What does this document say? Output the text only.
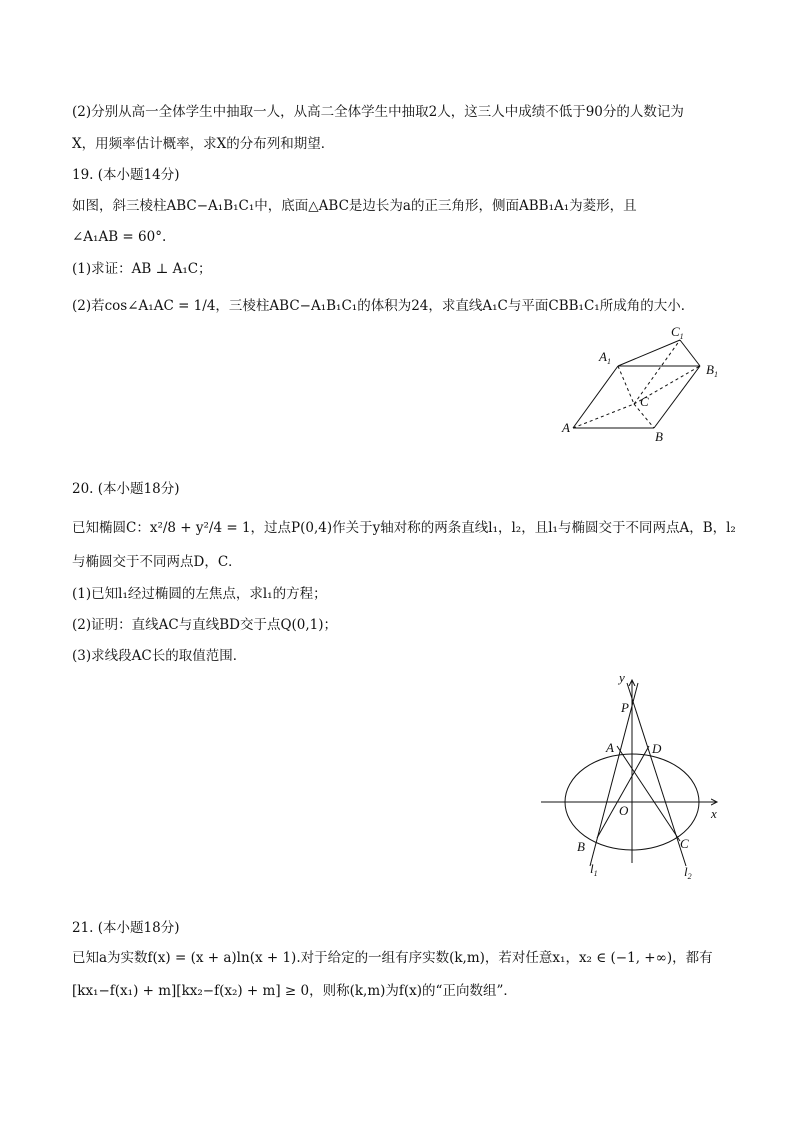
(2)分别从高一全体学生中抽取一人，从高二全体学生中抽取2人，这三人中成绩不低于90分的人数记为
X，用频率估计概率，求X的分布列和期望．
19. (本小题14分)
如图，斜三棱柱ABC−A₁B₁C₁中，底面△ABC是边长为a的正三角形，侧面ABB₁A₁为菱形，且
∠A₁AB = 60°.
(1)求证：AB ⊥ A₁C；
(2)若cos∠A₁AC = 1/4，三棱柱ABC−A₁B₁C₁的体积为24，求直线A₁C与平面CBB₁C₁所成角的大小．
$A_1$
$C_1$
$B_1$
C
A
B
20. (本小题18分)
已知椭圆C：x²/8 + y²/4 = 1，过点P(0,4)作关于y轴对称的两条直线l₁，l₂，且l₁与椭圆交于不同两点A，B，l₂
与椭圆交于不同两点D，C．
(1)已知l₁经过椭圆的左焦点，求l₁的方程；
(2)证明：直线AC与直线BD交于点Q(0,1)；
(3)求线段AC长的取值范围．
y
P
A	D
O	x
B	C
$l_1$	$l_2$
21. (本小题18分)
已知a为实数f(x) = (x + a)ln(x + 1).对于给定的一组有序实数(k,m)，若对任意x₁，x₂ ∈ (−1, +∞)，都有
[kx₁−f(x₁) + m][kx₂−f(x₂) + m] ≥ 0，则称(k,m)为f(x)的“正向数组”．
